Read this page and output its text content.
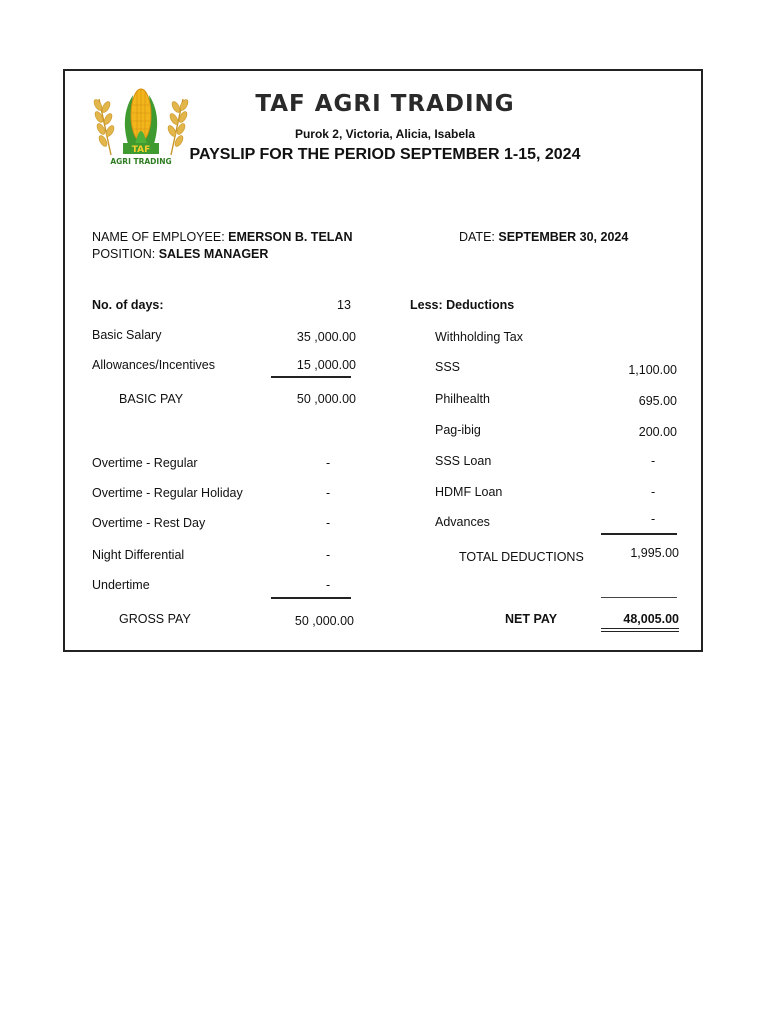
TAF
AGRI TRADING
TAF AGRI TRADING
Purok 2, Victoria, Alicia, Isabela
PAYSLIP FOR THE PERIOD SEPTEMBER 1-15, 2024
NAME OF EMPLOYEE: EMERSON B. TELAN
POSITION: SALES MANAGER
DATE: SEPTEMBER 30, 2024
No. of days:	13
Basic Salary	35 ,000.00
Allowances/Incentives	15 ,000.00
BASIC PAY	50 ,000.00
Overtime - Regular	-
Overtime - Regular Holiday	-
Overtime - Rest Day	-
Night Differential	-
Undertime	-
GROSS PAY	50 ,000.00
Less: Deductions
Withholding Tax
SSS	1,100.00
Philhealth	695.00
Pag-ibig	200.00
SSS Loan	-
HDMF Loan	-
Advances	-
TOTAL DEDUCTIONS	1,995.00
NET PAY	48,005.00
